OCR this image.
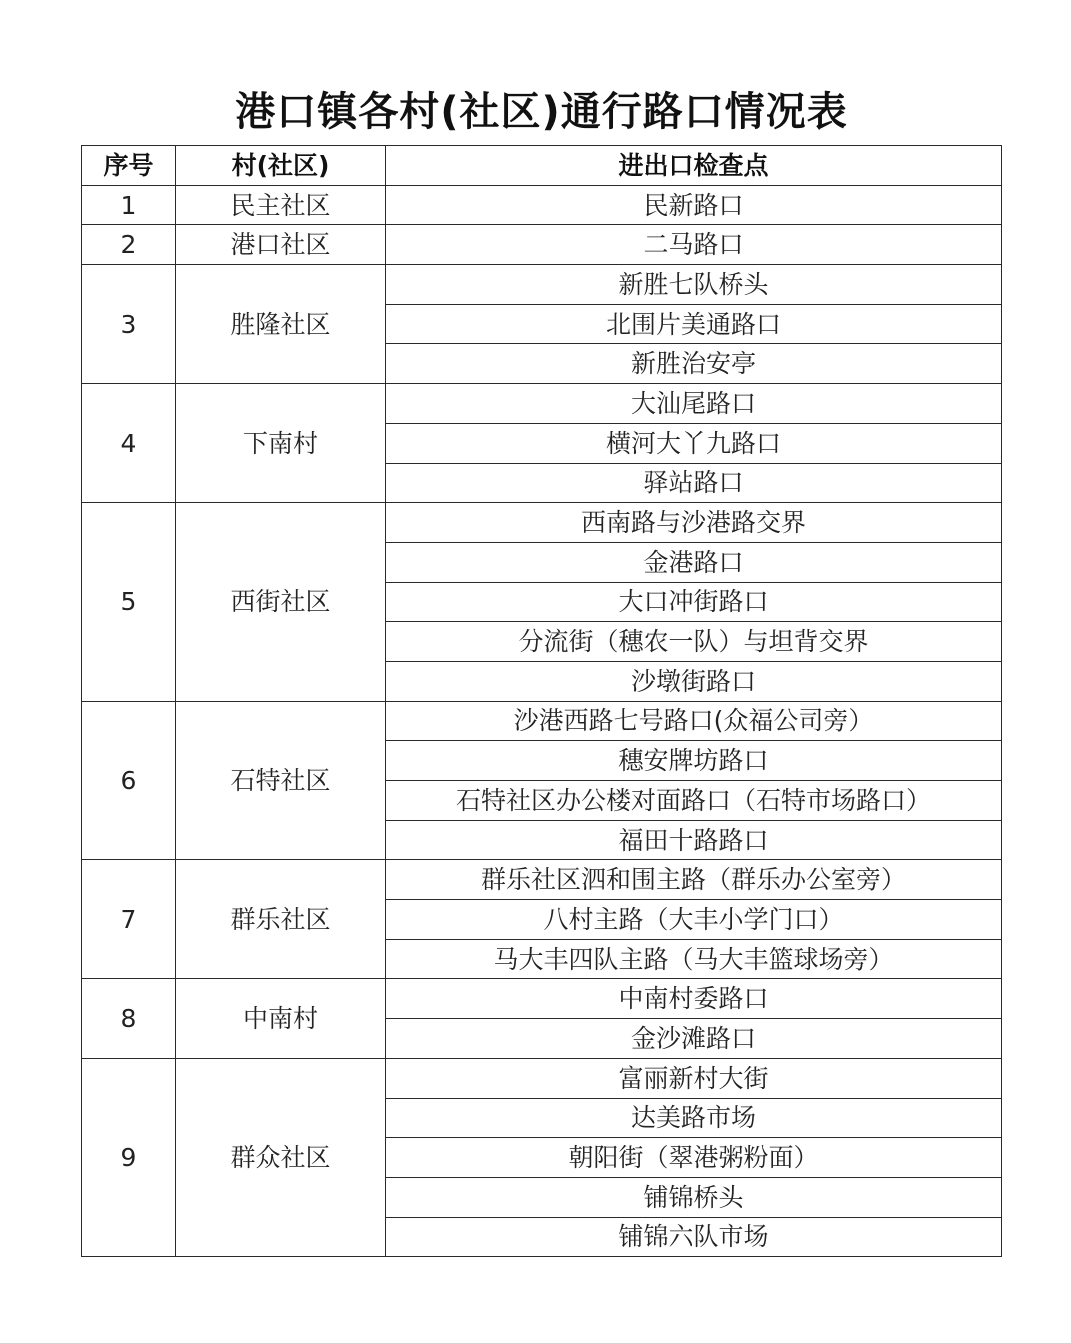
港口镇各村(社区)通行路口情况表
序号	村(社区)	进出口检查点
1	民主社区	民新路口
2	港口社区	二马路口
3	胜隆社区	新胜七队桥头
		北围片美通路口
		新胜治安亭
4	下南村	大汕尾路口
		横河大丫九路口
		驿站路口
5	西街社区	西南路与沙港路交界
		金港路口
		大口冲街路口
		分流街（穗农一队）与坦背交界
		沙墩街路口
6	石特社区	沙港西路七号路口(众福公司旁）
		穗安牌坊路口
		石特社区办公楼对面路口（石特市场路口）
		福田十路路口
7	群乐社区	群乐社区泗和围主路（群乐办公室旁）
		八村主路（大丰小学门口）
		马大丰四队主路（马大丰篮球场旁）
8	中南村	中南村委路口
		金沙滩路口
9	群众社区	富丽新村大街
		达美路市场
		朝阳街（翠港粥粉面）
		铺锦桥头
		铺锦六队市场
